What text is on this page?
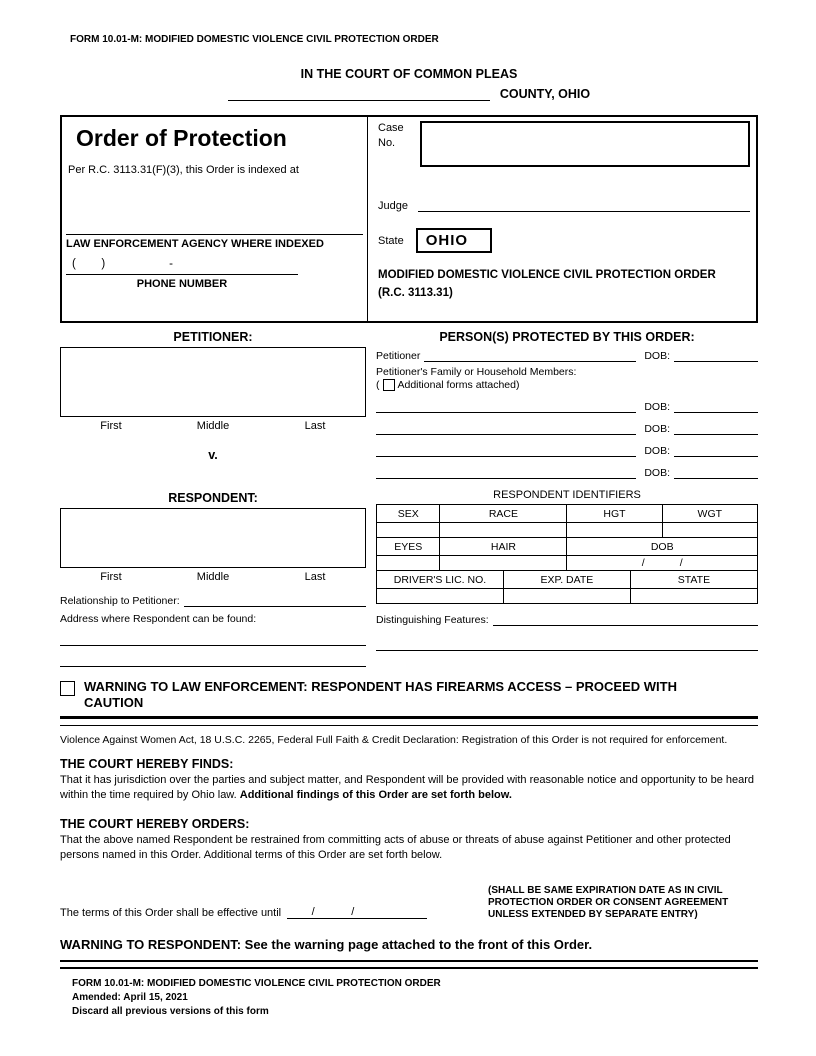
FORM 10.01-M: MODIFIED DOMESTIC VIOLENCE CIVIL PROTECTION ORDER
IN THE COURT OF COMMON PLEAS
COUNTY, OHIO
Order of Protection
Per R.C. 3113.31(F)(3), this Order is indexed at
LAW ENFORCEMENT AGENCY WHERE INDEXED
(        )                    -
PHONE NUMBER
Case No.
Judge
State	OHIO
MODIFIED DOMESTIC VIOLENCE CIVIL PROTECTION ORDER (R.C. 3113.31)
PETITIONER:
First	Middle	Last
v.
PERSON(S) PROTECTED BY THIS ORDER:
Petitioner	DOB:
Petitioner's Family or Household Members:
( Additional forms attached)
DOB:
DOB:
DOB:
DOB:
RESPONDENT:
First	Middle	Last
Relationship to Petitioner:
Address where Respondent can be found:
RESPONDENT IDENTIFIERS
SEX	RACE		HGT		WGT

EYES	HAIR		DOB		
			/            /		
DRIVER'S LIC. NO.		EXP. DATE		STATE	

Distinguishing Features:
WARNING TO LAW ENFORCEMENT: RESPONDENT HAS FIREARMS ACCESS – PROCEED WITH CAUTION
Violence Against Women Act, 18 U.S.C. 2265, Federal Full Faith & Credit Declaration: Registration of this Order is not required for enforcement.
THE COURT HEREBY FINDS:
That it has jurisdiction over the parties and subject matter, and Respondent will be provided with reasonable notice and opportunity to be heard within the time required by Ohio law. Additional findings of this Order are set forth below.
THE COURT HEREBY ORDERS:
That the above named Respondent be restrained from committing acts of abuse or threats of abuse against Petitioner and other protected persons named in this Order. Additional terms of this Order are set forth below.
The terms of this Order shall be effective until /            /
(SHALL BE SAME EXPIRATION DATE AS IN CIVIL PROTECTION ORDER OR CONSENT AGREEMENT UNLESS EXTENDED BY SEPARATE ENTRY)
WARNING TO RESPONDENT: See the warning page attached to the front of this Order.
FORM 10.01-M: MODIFIED DOMESTIC VIOLENCE CIVIL PROTECTION ORDER
Amended: April 15, 2021
Discard all previous versions of this form
